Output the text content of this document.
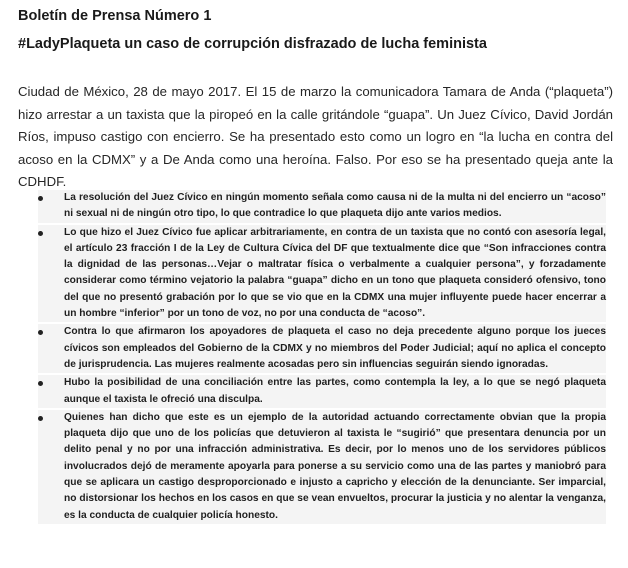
Boletín de Prensa Número 1
#LadyPlaqueta un caso de corrupción disfrazado de lucha feminista
Ciudad de México, 28 de mayo 2017. El 15 de marzo la comunicadora Tamara de Anda (“plaqueta”) hizo arrestar a un taxista que la piropeó en la calle gritándole “guapa”. Un Juez Cívico, David Jordán Ríos, impuso castigo con encierro. Se ha presentado esto como un logro en “la lucha en contra del acoso en la CDMX” y a De Anda como una heroína. Falso. Por eso se ha presentado queja ante la CDHDF.
La resolución del Juez Cívico en ningún momento señala como causa ni de la multa ni del encierro un “acoso” ni sexual ni de ningún otro tipo, lo que contradice lo que plaqueta dijo ante varios medios.
Lo que hizo el Juez Cívico fue aplicar arbitrariamente, en contra de un taxista que no contó con asesoría legal, el artículo 23 fracción I de la Ley de Cultura Cívica del DF que textualmente dice que “Son infracciones contra la dignidad de las personas…Vejar o maltratar física o verbalmente a cualquier persona”, y forzadamente considerar como término vejatorio la palabra “guapa” dicho en un tono que plaqueta consideró ofensivo, tono del que no presentó grabación por lo que se vio que en la CDMX una mujer influyente puede hacer encerrar a un hombre “inferior” por un tono de voz, no por una conducta de “acoso”.
Contra lo que afirmaron los apoyadores de plaqueta el caso no deja precedente alguno porque los jueces cívicos son empleados del Gobierno de la CDMX y no miembros del Poder Judicial; aquí no aplica el concepto de jurisprudencia. Las mujeres realmente acosadas pero sin influencias seguirán siendo ignoradas.
Hubo la posibilidad de una conciliación entre las partes, como contempla la ley, a lo que se negó plaqueta aunque el taxista le ofreció una disculpa.
Quienes han dicho que este es un ejemplo de la autoridad actuando correctamente obvian que la propia plaqueta dijo que uno de los policías que detuvieron al taxista le “sugirió” que presentara denuncia por un delito penal y no por una infracción administrativa. Es decir, por lo menos uno de los servidores públicos involucrados dejó de meramente apoyarla para ponerse a su servicio como una de las partes y maniobró para que se aplicara un castigo desproporcionado e injusto a capricho y elección de la denunciante. Ser imparcial, no distorsionar los hechos en los casos en que se vean envueltos, procurar la justicia y no alentar la venganza, es la conducta de cualquier policía honesto.
